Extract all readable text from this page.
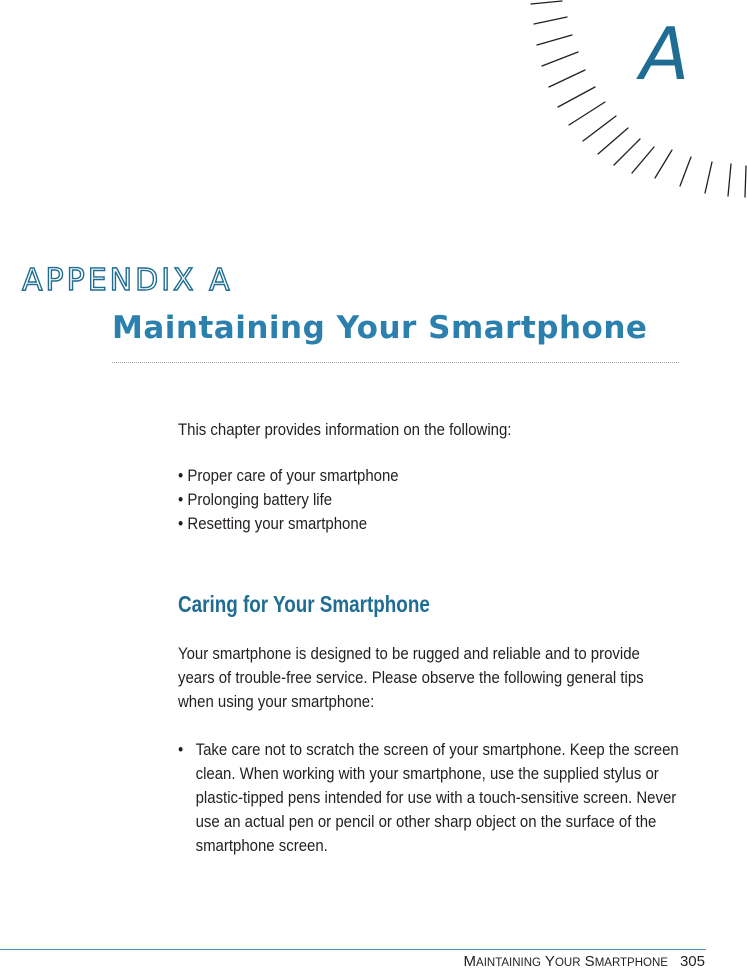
A
APPENDIX A
Maintaining Your Smartphone

This chapter provides information on the following:

• Proper care of your smartphone
• Prolonging battery life
• Resetting your smartphone
Caring for Your Smartphone

Your smartphone is designed to be rugged and reliable and to provide years of trouble-free service. Please observe the following general tips when using your smartphone:

• Take care not to scratch the screen of your smartphone. Keep the screen clean. When working with your smartphone, use the supplied stylus or plastic-tipped pens intended for use with a touch-sensitive screen. Never use an actual pen or pencil or other sharp object on the surface of the smartphone screen.
MAINTAINING YOUR SMARTPHONE 305
